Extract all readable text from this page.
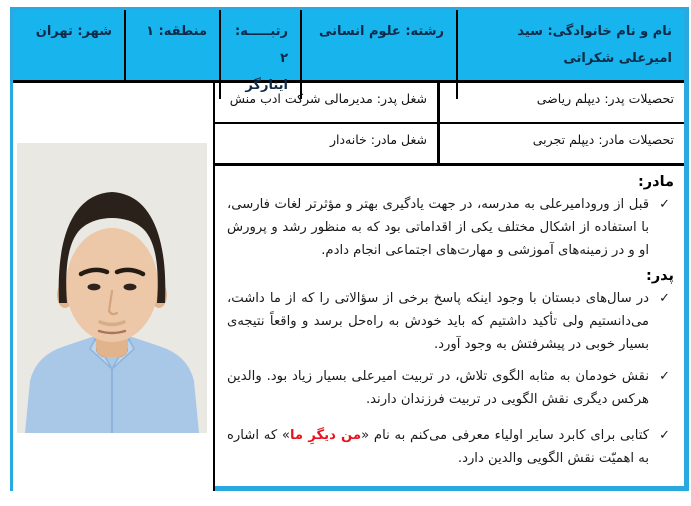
نام و نام خانوادگی: سید امیرعلی شکراتی
رشته: علوم انسانی
رتبـــــه: ۲
ایثارگر
منطقه: ۱
شهر: تهران
تحصیلات پدر: دیپلم ریاضی
شغل پدر: مدیرمالی شرکت ادب منش
تحصیلات مادر: دیپلم تجربی
شغل مادر: خانه‌دار
مادر:
✓
قبل از ورودامیرعلی به مدرسه، در جهت یادگیری بهتر و مؤثرتر لغات فارسی، با استفاده از اشکال مختلف یکی از اقداماتی بود که به منظور رشد و پرورش او و در زمینه‌های آموزشی و مهارت‌های اجتماعی انجام دادم.
پدر:
✓
در سال‌های دبستان با وجود اینکه پاسخ برخی از سؤالاتی را که از ما داشت، می‌دانستیم ولی تأکید داشتیم که باید خودش به راه‌حل برسد و واقعاً نتیجه‌ی بسیار خوبی در پیشرفتش به وجود آورد.
✓
نقش خودمان به مثابه الگوی تلاش، در تربیت امیرعلی بسیار زیاد بود. والدین هرکس دیگری نقش الگویی در تربیت فرزندان دارند.
✓
کتابی برای کابرد سایر اولیاء معرفی می‌کنم به نام «من دیگرِ ما» که اشاره به اهمیّت نقش الگویی والدین دارد.
